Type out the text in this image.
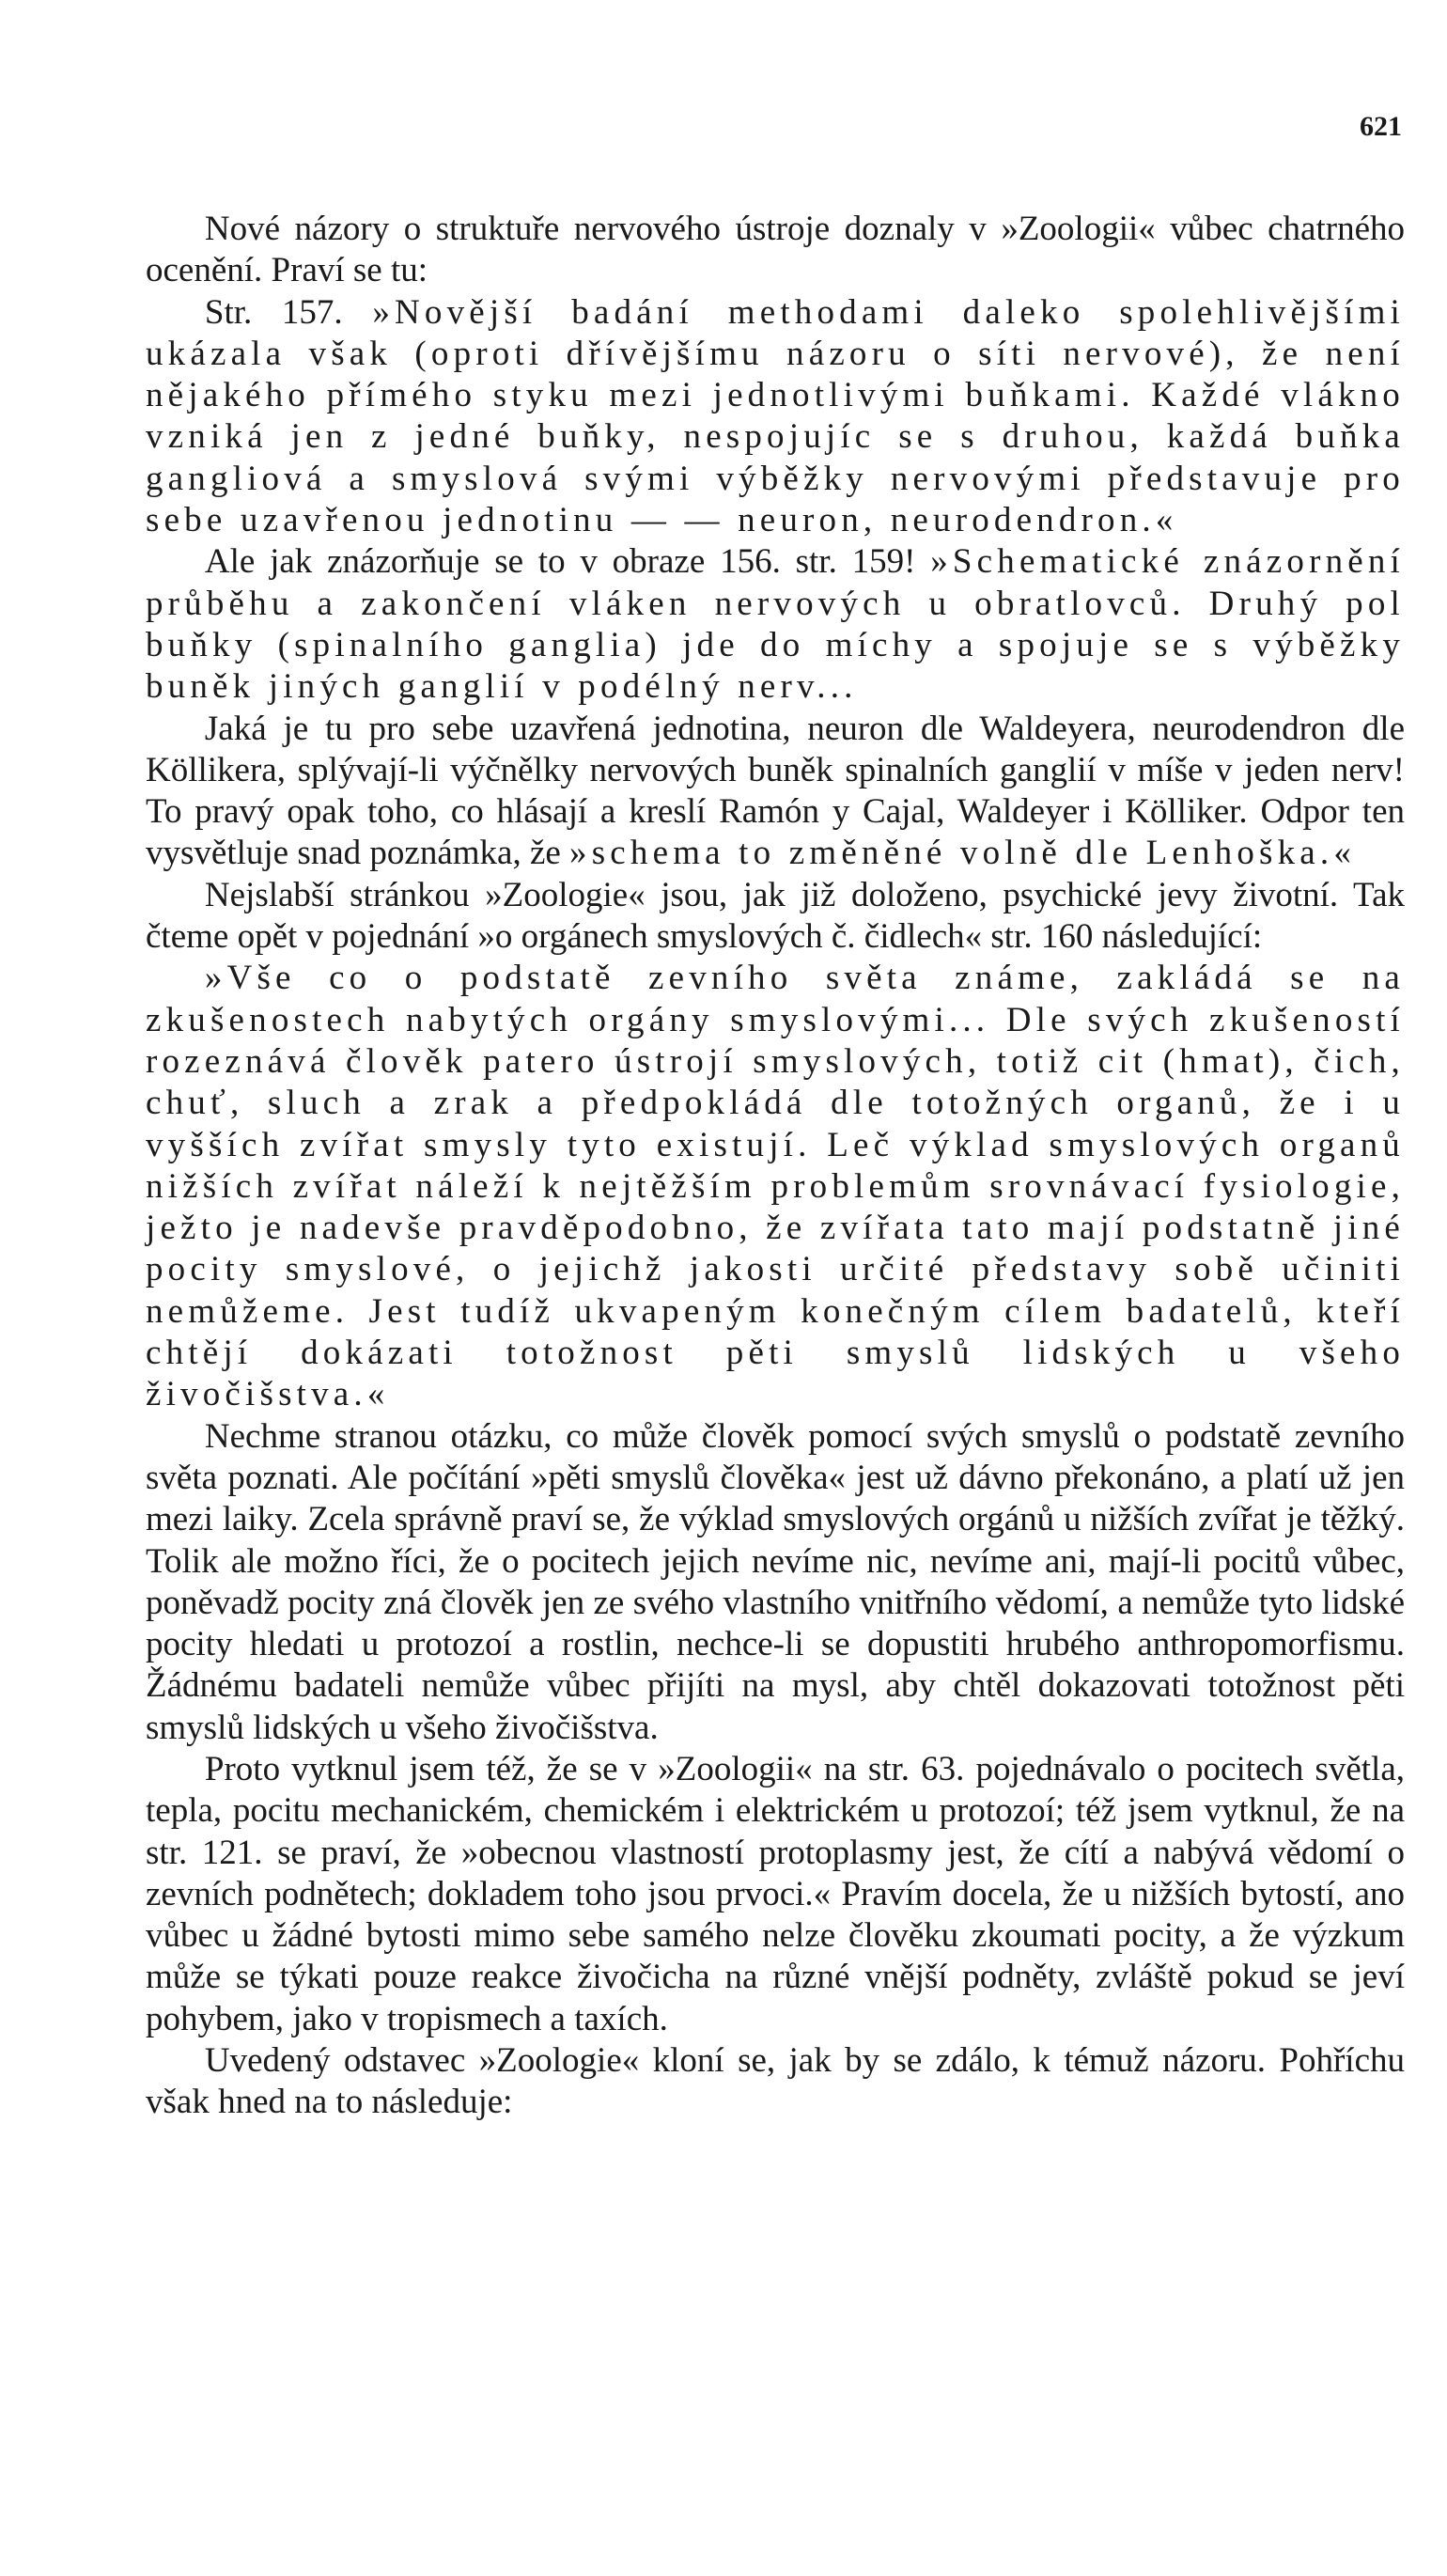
621

Nové názory o struktuře nervového ústroje doznaly v »Zoologii« vůbec chatrného ocenění. Praví se tu:

Str. 157. »Novější badání methodami daleko spolehlivějšími ukázala však (oproti dřívějšímu názoru o síti nervové), že není nějakého přímého styku mezi jednotlivými buňkami. Každé vlákno vzniká jen z jedné buňky, nespojujíc se s druhou, každá buňka gangliová a smyslová svými výběžky nervovými představuje pro sebe uzavřenou jednotinu — — neuron, neurodendron.«

Ale jak znázorňuje se to v obraze 156. str. 159! »Schematické znázornění průběhu a zakončení vláken nervových u obratlovců. Druhý pol buňky (spinalního ganglia) jde do míchy a spojuje se s výběžky buněk jiných ganglií v podélný nerv...

Jaká je tu pro sebe uzavřená jednotina, neuron dle Waldeyera, neurodendron dle Köllikera, splývají-li výčnělky nervových buněk spinalních ganglií v míše v jeden nerv! To pravý opak toho, co hlásají a kreslí Ramón y Cajal, Waldeyer i Kölliker. Odpor ten vysvětluje snad poznámka, že »schema to změněné volně dle Lenhoška.«

Nejslabší stránkou »Zoologie« jsou, jak již doloženo, psychické jevy životní. Tak čteme opět v pojednání »o orgánech smyslových č. čidlech« str. 160 následující:

»Vše co o podstatě zevního světa známe, zakládá se na zkušenostech nabytých orgány smyslovými... Dle svých zkušeností rozeznává člověk patero ústrojí smyslových, totiž cit (hmat), čich, chuť, sluch a zrak a předpokládá dle totožných organů, že i u vyšších zvířat smysly tyto existují. Leč výklad smyslových organů nižších zvířat náleží k nejtěžším problemům srovnávací fysiologie, ježto je nadevše pravděpodobno, že zvířata tato mají podstatně jiné pocity smyslové, o jejichž jakosti určité představy sobě učiniti nemůžeme. Jest tudíž ukvapeným konečným cílem badatelů, kteří chtějí dokázati totožnost pěti smyslů lidských u všeho živočišstva.«

Nechme stranou otázku, co může člověk pomocí svých smyslů o podstatě zevního světa poznati. Ale počítání »pěti smyslů člověka« jest už dávno překonáno, a platí už jen mezi laiky. Zcela správně praví se, že výklad smyslových orgánů u nižších zvířat je těžký. Tolik ale možno říci, že o pocitech jejich nevíme nic, nevíme ani, mají-li pocitů vůbec, poněvadž pocity zná člověk jen ze svého vlastního vnitřního vědomí, a nemůže tyto lidské pocity hledati u protozoí a rostlin, nechce-li se dopustiti hrubého anthropomorfismu. Žádnému badateli nemůže vůbec přijíti na mysl, aby chtěl dokazovati totožnost pěti smyslů lidských u všeho živočišstva.

Proto vytknul jsem též, že se v »Zoologii« na str. 63. pojednávalo o pocitech světla, tepla, pocitu mechanickém, chemickém i elektrickém u protozoí; též jsem vytknul, že na str. 121. se praví, že »obecnou vlastností protoplasmy jest, že cítí a nabývá vědomí o zevních podnětech; dokladem toho jsou prvoci.« Pravím docela, že u nižších bytostí, ano vůbec u žádné bytosti mimo sebe samého nelze člověku zkoumati pocity, a že výzkum může se týkati pouze reakce živočicha na různé vnější podněty, zvláště pokud se jeví pohybem, jako v tropismech a taxích.

Uvedený odstavec »Zoologie« kloní se, jak by se zdálo, k témuž názoru. Pohříchu však hned na to následuje:
